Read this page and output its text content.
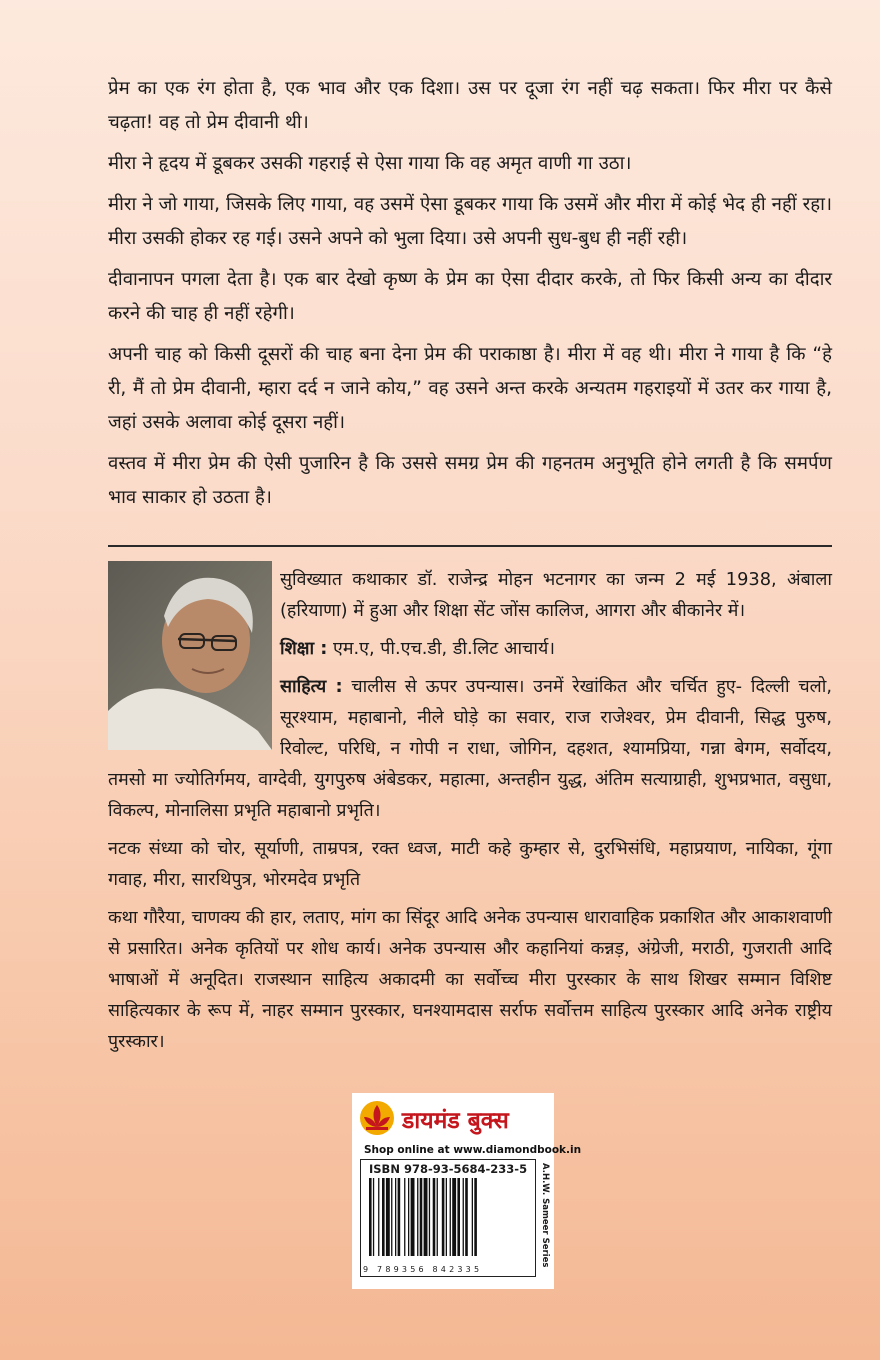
प्रेम का एक रंग होता है, एक भाव और एक दिशा। उस पर दूजा रंग नहीं चढ़ सकता। फिर मीरा पर कैसे चढ़ता! वह तो प्रेम दीवानी थी।

मीरा ने हृदय में डूबकर उसकी गहराई से ऐसा गाया कि वह अमृत वाणी गा उठा।

मीरा ने जो गाया, जिसके लिए गाया, वह उसमें ऐसा डूबकर गाया कि उसमें और मीरा में कोई भेद ही नहीं रहा। मीरा उसकी होकर रह गई। उसने अपने को भुला दिया। उसे अपनी सुध-बुध ही नहीं रही।

दीवानापन पगला देता है। एक बार देखो कृष्ण के प्रेम का ऐसा दीदार करके, तो फिर किसी अन्य का दीदार करने की चाह ही नहीं रहेगी।

अपनी चाह को किसी दूसरों की चाह बना देना प्रेम की पराकाष्ठा है। मीरा में वह थी। मीरा ने गाया है कि “हे री, मैं तो प्रेम दीवानी, म्हारा दर्द न जाने कोय,” वह उसने अन्त करके अन्यतम गहराइयों में उतर कर गाया है, जहां उसके अलावा कोई दूसरा नहीं।

वस्तव में मीरा प्रेम की ऐसी पुजारिन है कि उससे समग्र प्रेम की गहनतम अनुभूति होने लगती है कि समर्पण भाव साकार हो उठता है।

सुविख्यात कथाकार डॉ. राजेन्द्र मोहन भटनागर का जन्म 2 मई 1938, अंबाला (हरियाणा) में हुआ और शिक्षा सेंट जोंस कालिज, आगरा और बीकानेर में।

शिक्षा : एम.ए, पी.एच.डी, डी.लिट आचार्य।

साहित्य : चालीस से ऊपर उपन्यास। उनमें रेखांकित और चर्चित हुए- दिल्ली चलो, सूरश्याम, महाबानो, नीले घोड़े का सवार, राज राजेश्वर, प्रेम दीवानी, सिद्ध पुरुष, रिवोल्ट, परिधि, न गोपी न राधा, जोगिन, दहशत, श्यामप्रिया, गन्ना बेगम, सर्वोदय, तमसो मा ज्योतिर्गमय, वाग्देवी, युगपुरुष अंबेडकर, महात्मा, अन्तहीन युद्ध, अंतिम सत्याग्राही, शुभप्रभात, वसुधा, विकल्प, मोनालिसा प्रभृति महाबानो प्रभृति।

नटक संध्या को चोर, सूर्याणी, ताम्रपत्र, रक्त ध्वज, माटी कहे कुम्हार से, दुरभिसंधि, महाप्रयाण, नायिका, गूंगा गवाह, मीरा, सारथिपुत्र, भोरमदेव प्रभृति

कथा गौरैया, चाणक्य की हार, लताए, मांग का सिंदूर आदि अनेक उपन्यास धारावाहिक प्रकाशित और आकाशवाणी से प्रसारित। अनेक कृतियों पर शोध कार्य। अनेक उपन्यास और कहानियां कन्नड़, अंग्रेजी, मराठी, गुजराती आदि भाषाओं में अनूदित। राजस्थान साहित्य अकादमी का सर्वोच्च मीरा पुरस्कार के साथ शिखर सम्मान विशिष्ट साहित्यकार के रूप में, नाहर सम्मान पुरस्कार, घनश्यामदास सर्राफ सर्वोत्तम साहित्य पुरस्कार आदि अनेक राष्ट्रीय पुरस्कार।

डायमंड बुक्स
Shop online at www.diamondbook.in
ISBN 978-93-5684-233-5
9 789356 842335
A.H.W. Sameer Series
